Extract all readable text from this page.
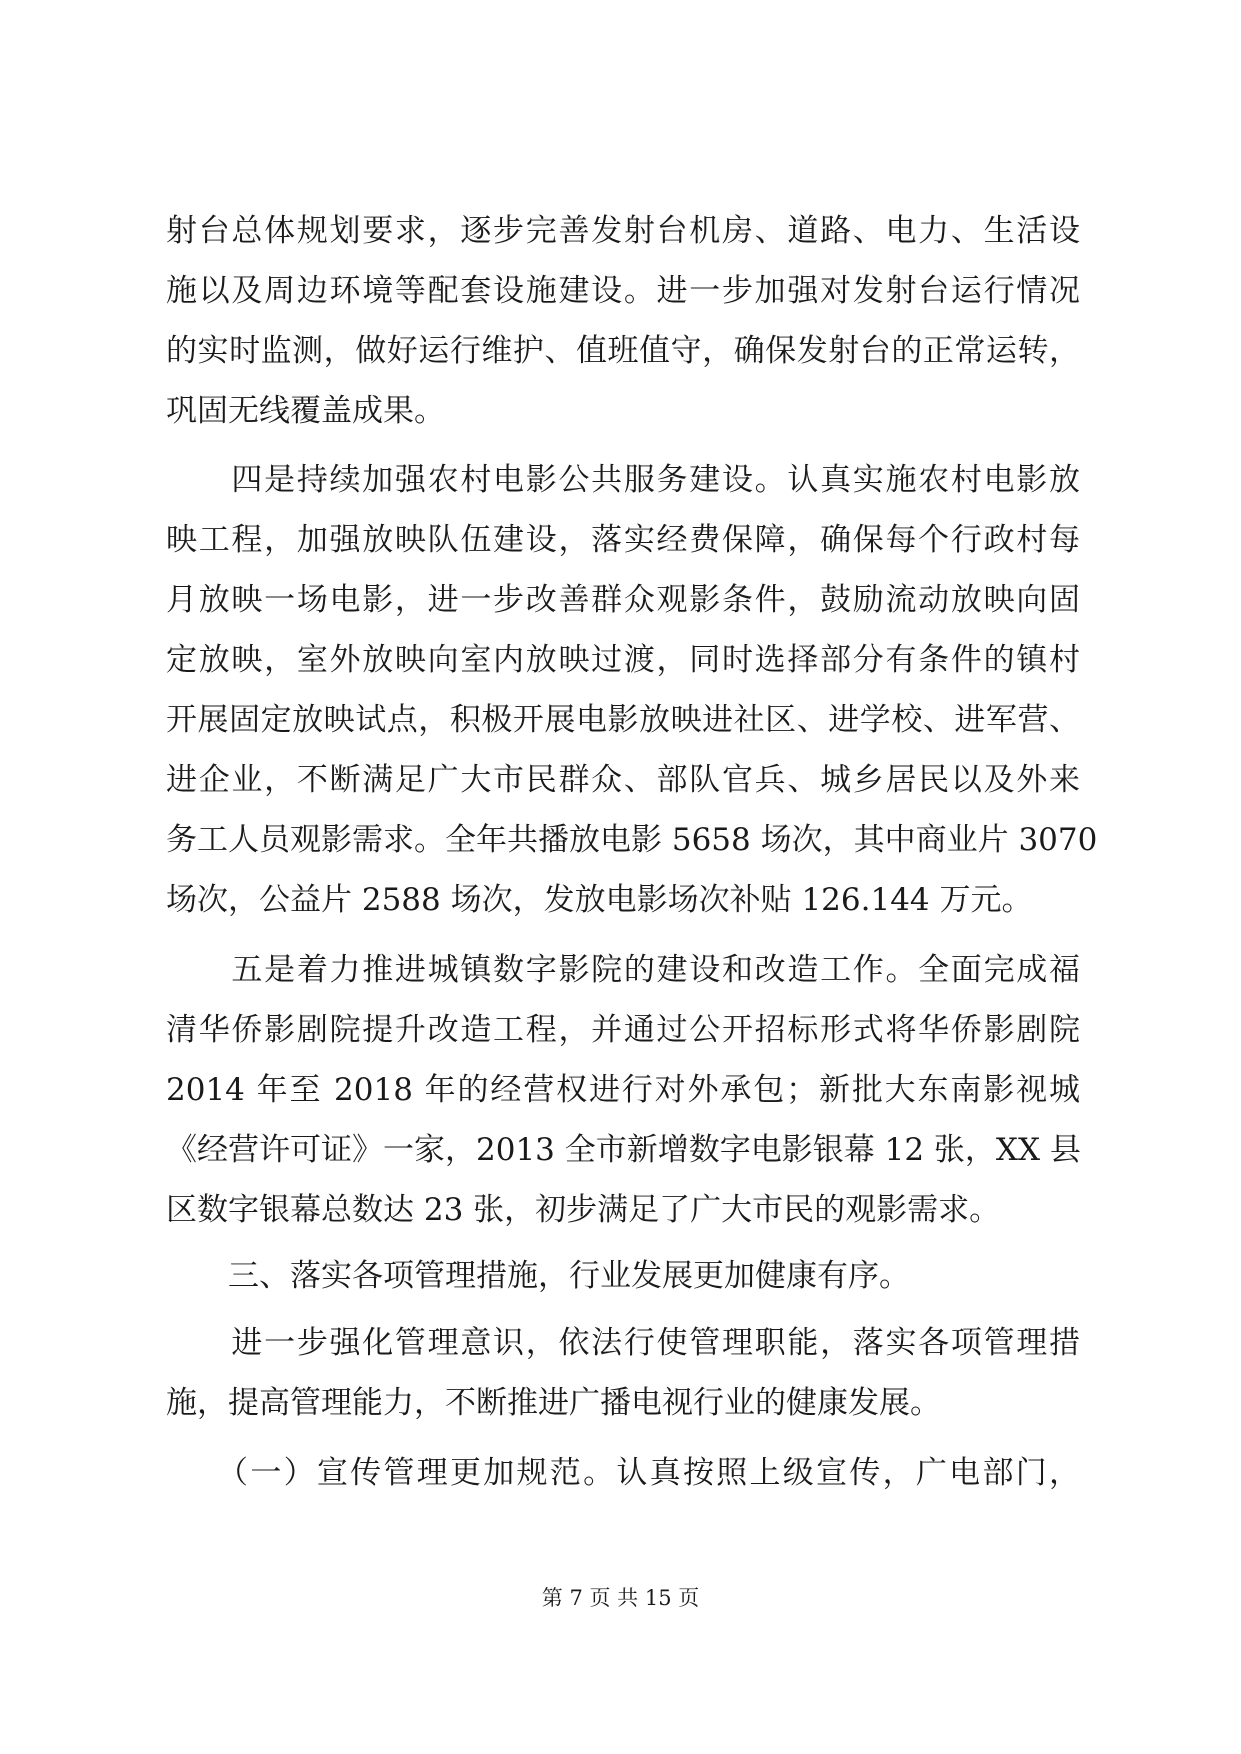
射台总体规划要求，逐步完善发射台机房、道路、电力、生活设
施以及周边环境等配套设施建设。进一步加强对发射台运行情况
的实时监测，做好运行维护、值班值守，确保发射台的正常运转，
巩固无线覆盖成果。
　　四是持续加强农村电影公共服务建设。认真实施农村电影放
映工程，加强放映队伍建设，落实经费保障，确保每个行政村每
月放映一场电影，进一步改善群众观影条件，鼓励流动放映向固
定放映，室外放映向室内放映过渡，同时选择部分有条件的镇村
开展固定放映试点，积极开展电影放映进社区、进学校、进军营、
进企业，不断满足广大市民群众、部队官兵、城乡居民以及外来
务工人员观影需求。全年共播放电影 5658 场次，其中商业片 3070
场次，公益片 2588 场次，发放电影场次补贴 126.144 万元。
　　五是着力推进城镇数字影院的建设和改造工作。全面完成福
清华侨影剧院提升改造工程，并通过公开招标形式将华侨影剧院
2014 年至 2018 年的经营权进行对外承包；新批大东南影视城
《经营许可证》一家，2013 全市新增数字电影银幕 12 张，XX 县
区数字银幕总数达 23 张，初步满足了广大市民的观影需求。
　　三、落实各项管理措施，行业发展更加健康有序。
　　进一步强化管理意识，依法行使管理职能，落实各项管理措
施，提高管理能力，不断推进广播电视行业的健康发展。
　　（一）宣传管理更加规范。认真按照上级宣传，广电部门，
第 7 页 共 15 页
